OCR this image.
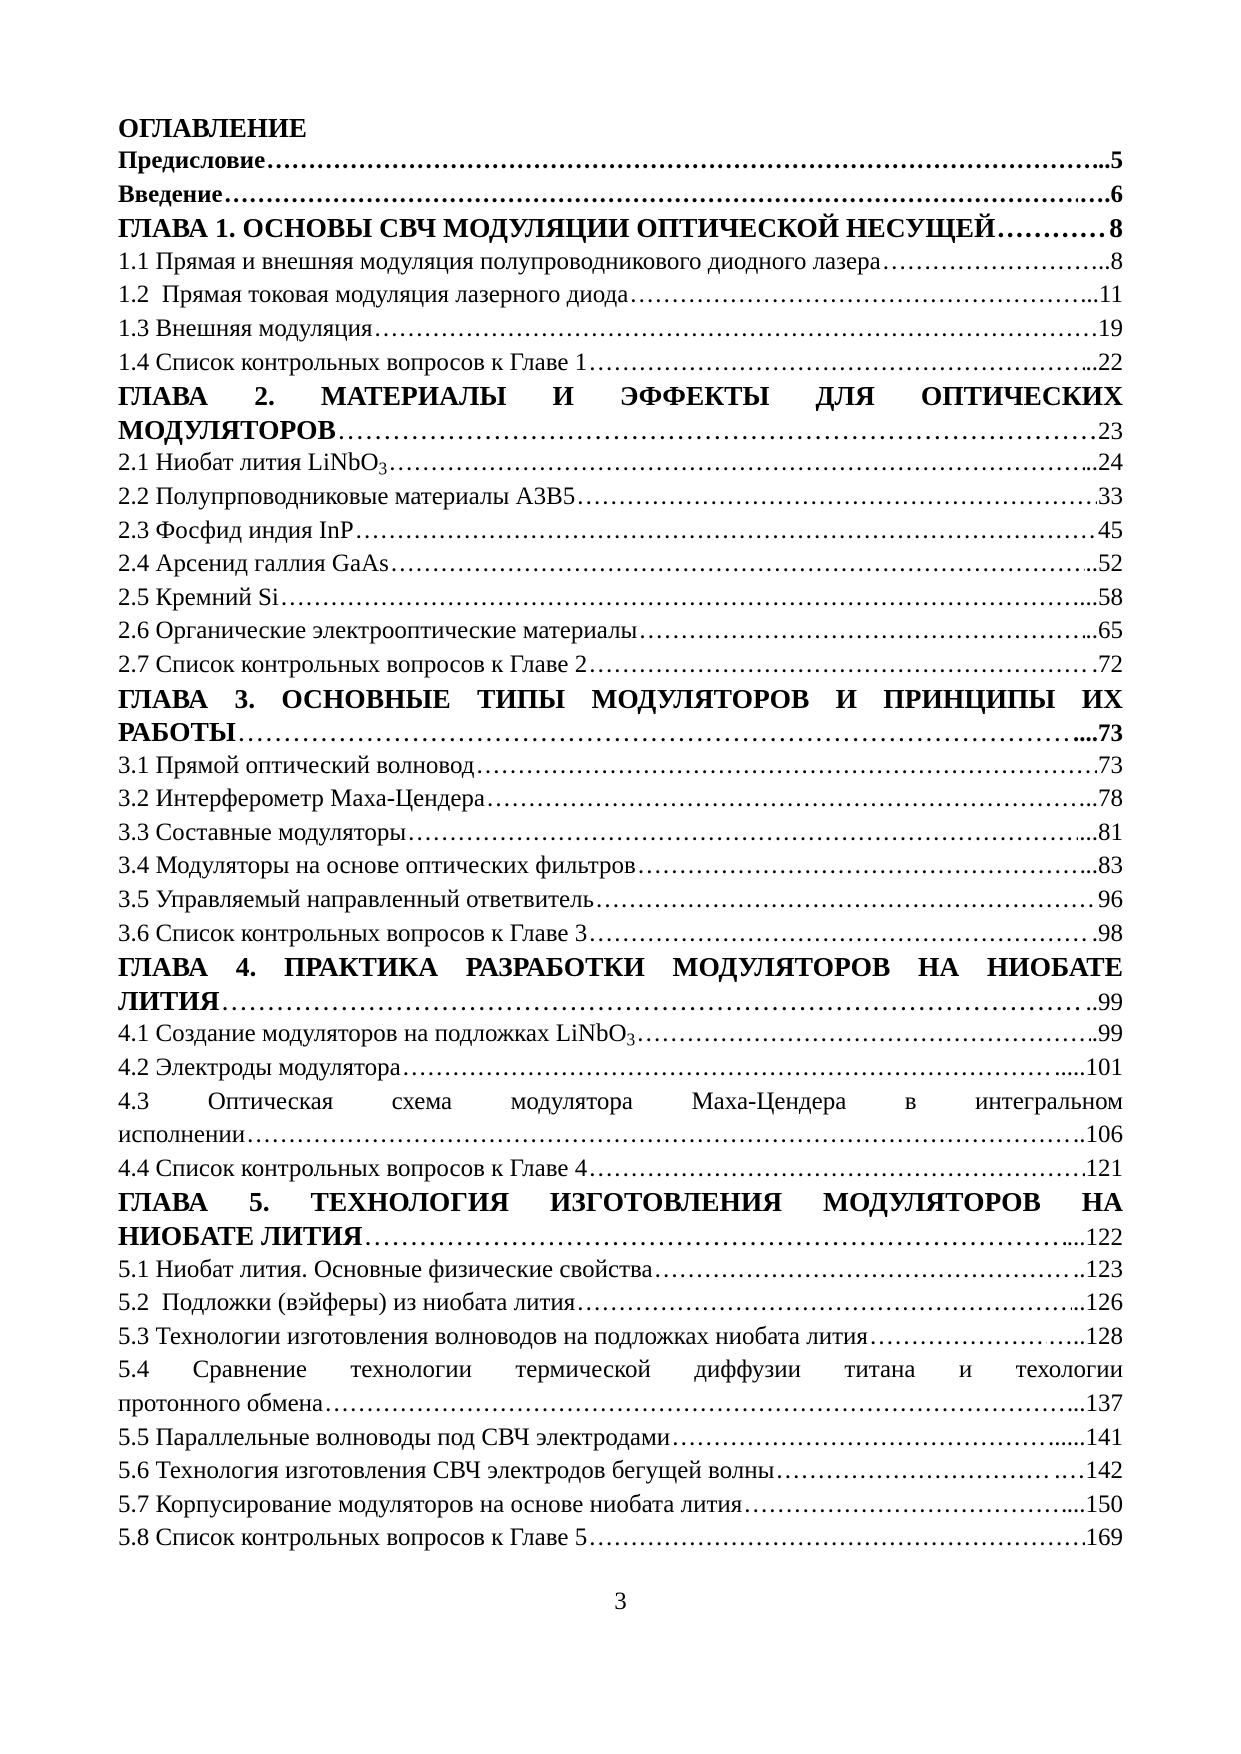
ОГЛАВЛЕНИЕ
Предисловие …………………………………………………………………………………………………………………………………………………………………………………………………………………	..5
Введение …………………………………………………………………………………………………………………………………………………………………………………………………………………	….6
ГЛАВА 1. ОСНОВЫ СВЧ МОДУЛЯЦИИ ОПТИЧЕСКОЙ НЕСУЩЕЙ …………………………………………………………………………………………………………………………………………………………………………………………………………………	8
1.1 Прямая и внешняя модуляция полупроводникового диодного лазера …………………………………………………………………………………………………………………………………………………………………………………………………………………	..8
1.2  Прямая токовая модуляция лазерного диода …………………………………………………………………………………………………………………………………………………………………………………………………………………	..11
1.3 Внешняя модуляция …………………………………………………………………………………………………………………………………………………………………………………………………………………	19
1.4 Список контрольных вопросов к Главе 1 …………………………………………………………………………………………………………………………………………………………………………………………………………………	..22
ГЛАВА 2. МАТЕРИАЛЫ И ЭФФЕКТЫ ДЛЯ ОПТИЧЕСКИХ
МОДУЛЯТОРОВ …………………………………………………………………………………………………………………………………………………………………………………………………………………	23
2.1 Ниобат лития LiNbO$_3$ …………………………………………………………………………………………………………………………………………………………………………………………………………………	..24
2.2 Полупрповодниковые материалы А3В5 …………………………………………………………………………………………………………………………………………………………………………………………………………………	33
2.3 Фосфид индия InP …………………………………………………………………………………………………………………………………………………………………………………………………………………	45
2.4 Арсенид галлия GaAs …………………………………………………………………………………………………………………………………………………………………………………………………………………	..52
2.5 Кремний Si …………………………………………………………………………………………………………………………………………………………………………………………………………………	...58
2.6 Органические электрооптические материалы …………………………………………………………………………………………………………………………………………………………………………………………………………………	..65
2.7 Список контрольных вопросов к Главе 2 …………………………………………………………………………………………………………………………………………………………………………………………………………………	.72
ГЛАВА 3. ОСНОВНЫЕ ТИПЫ МОДУЛЯТОРОВ И ПРИНЦИПЫ ИХ
РАБОТЫ …………………………………………………………………………………………………………………………………………………………………………………………………………………	....73
3.1 Прямой оптический волновод …………………………………………………………………………………………………………………………………………………………………………………………………………………	73
3.2 Интерферометр Маха-Цендера …………………………………………………………………………………………………………………………………………………………………………………………………………………	..78
3.3 Составные модуляторы …………………………………………………………………………………………………………………………………………………………………………………………………………………	...81
3.4 Модуляторы на основе оптических фильтров …………………………………………………………………………………………………………………………………………………………………………………………………………………	..83
3.5 Управляемый направленный ответвитель …………………………………………………………………………………………………………………………………………………………………………………………………………………	96
3.6 Список контрольных вопросов к Главе 3 …………………………………………………………………………………………………………………………………………………………………………………………………………………	.98
ГЛАВА 4. ПРАКТИКА РАЗРАБОТКИ МОДУЛЯТОРОВ НА НИОБАТЕ
ЛИТИЯ …………………………………………………………………………………………………………………………………………………………………………………………………………………	..99
4.1 Создание модуляторов на подложках LiNbO$_3$ …………………………………………………………………………………………………………………………………………………………………………………………………………………	.99
4.2 Электроды модулятора …………………………………………………………………………………………………………………………………………………………………………………………………………………	.....101
4.3 Оптическая схема модулятора Маха-Цендера в интегральном
исполнении …………………………………………………………………………………………………………………………………………………………………………………………………………………	..106
4.4 Список контрольных вопросов к Главе 4 …………………………………………………………………………………………………………………………………………………………………………………………………………………	121
ГЛАВА 5. ТЕХНОЛОГИЯ ИЗГОТОВЛЕНИЯ МОДУЛЯТОРОВ НА
НИОБАТЕ ЛИТИЯ …………………………………………………………………………………………………………………………………………………………………………………………………………………	...122
5.1 Ниобат лития. Основные физические свойства …………………………………………………………………………………………………………………………………………………………………………………………………………………	..123
5.2  Подложки (вэйферы) из ниобата лития …………………………………………………………………………………………………………………………………………………………………………………………………………………	..126
5.3 Технологии изготовления волноводов на подложках ниобата лития …………………………………………………………………………………………………………………………………………………………………………………………………………………	…..128
5.4 Сравнение технологии термической диффузии титана и техологии
протонного обмена …………………………………………………………………………………………………………………………………………………………………………………………………………………	..137
5.5 Параллельные волноводы под СВЧ электродами …………………………………………………………………………………………………………………………………………………………………………………………………………………	......141
5.6 Технология изготовления СВЧ электродов бегущей волны …………………………………………………………………………………………………………………………………………………………………………………………………………………	.…142
5.7 Корпусирование модуляторов на основе ниобата лития …………………………………………………………………………………………………………………………………………………………………………………………………………………	...150
5.8 Список контрольных вопросов к Главе 5 …………………………………………………………………………………………………………………………………………………………………………………………………………………	169
3
